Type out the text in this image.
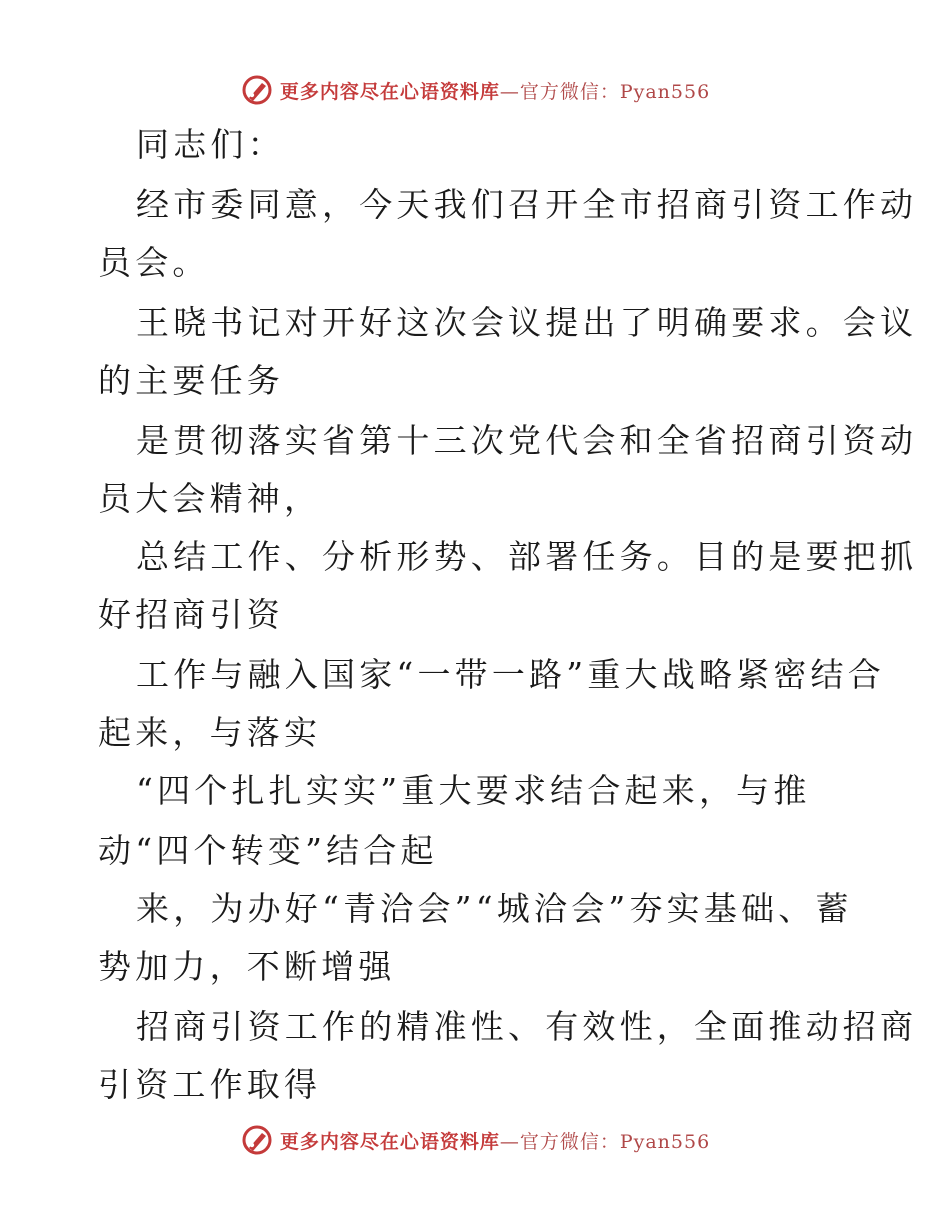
更多内容尽在心语资料库—官方微信：Pyan556
同志们：
经市委同意，今天我们召开全市招商引资工作动
员会。
王晓书记对开好这次会议提出了明确要求。会议
的主要任务
是贯彻落实省第十三次党代会和全省招商引资动
员大会精神，
总结工作、分析形势、部署任务。目的是要把抓
好招商引资
工作与融入国家“一带一路”重大战略紧密结合
起来，与落实
“四个扎扎实实”重大要求结合起来，与推
动“四个转变”结合起
来，为办好“青洽会”“城洽会”夯实基础、蓄
势加力，不断增强
招商引资工作的精准性、有效性，全面推动招商
引资工作取得
更多内容尽在心语资料库—官方微信：Pyan556
